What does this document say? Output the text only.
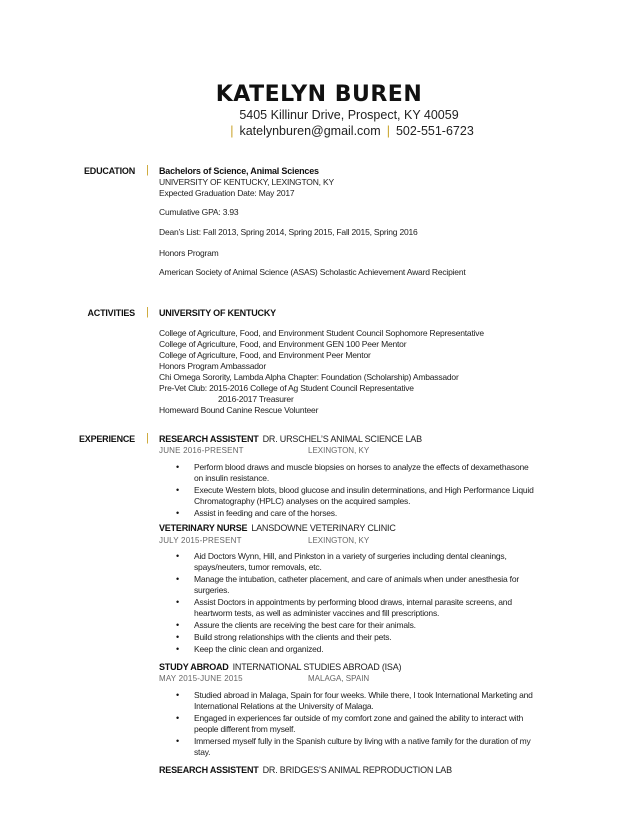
KATELYN BUREN
5405 Killinur Drive, Prospect, KY 40059
| katelynburen@gmail.com | 502-551-6723
EDUCATION | Bachelors of Science, Animal Sciences
UNIVERSITY OF KENTUCKY, LEXINGTON, KY
Expected Graduation Date: May 2017
Cumulative GPA: 3.93
Dean’s List: Fall 2013, Spring 2014, Spring 2015, Fall 2015, Spring 2016
Honors Program
American Society of Animal Science (ASAS) Scholastic Achievement Award Recipient
ACTIVITIES | UNIVERSITY OF KENTUCKY
College of Agriculture, Food, and Environment Student Council Sophomore Representative
College of Agriculture, Food, and Environment GEN 100 Peer Mentor
College of Agriculture, Food, and Environment Peer Mentor
Honors Program Ambassador
Chi Omega Sorority, Lambda Alpha Chapter: Foundation (Scholarship) Ambassador
Pre-Vet Club: 2015-2016 College of Ag Student Council Representative
2016-2017 Treasurer
Homeward Bound Canine Rescue Volunteer
EXPERIENCE | RESEARCH ASSISTENT DR. URSCHEL’S ANIMAL SCIENCE LAB
JUNE 2016-PRESENT	LEXINGTON, KY
• Perform blood draws and muscle biopsies on horses to analyze the effects of dexamethasone on insulin resistance.
• Execute Western blots, blood glucose and insulin determinations, and High Performance Liquid Chromatography (HPLC) analyses on the acquired samples.
• Assist in feeding and care of the horses.
VETERINARY NURSE LANSDOWNE VETERINARY CLINIC
JULY 2015-PRESENT	LEXINGTON, KY
• Aid Doctors Wynn, Hill, and Pinkston in a variety of surgeries including dental cleanings, spays/neuters, tumor removals, etc.
• Manage the intubation, catheter placement, and care of animals when under anesthesia for surgeries.
• Assist Doctors in appointments by performing blood draws, internal parasite screens, and heartworm tests, as well as administer vaccines and fill prescriptions.
• Assure the clients are receiving the best care for their animals.
• Build strong relationships with the clients and their pets.
• Keep the clinic clean and organized.
STUDY ABROAD INTERNATIONAL STUDIES ABROAD (ISA)
MAY 2015-JUNE 2015	MALAGA, SPAIN
• Studied abroad in Malaga, Spain for four weeks. While there, I took International Marketing and International Relations at the University of Malaga.
• Engaged in experiences far outside of my comfort zone and gained the ability to interact with people different from myself.
• Immersed myself fully in the Spanish culture by living with a native family for the duration of my stay.
RESEARCH ASSISTENT DR. BRIDGES’S ANIMAL REPRODUCTION LAB
